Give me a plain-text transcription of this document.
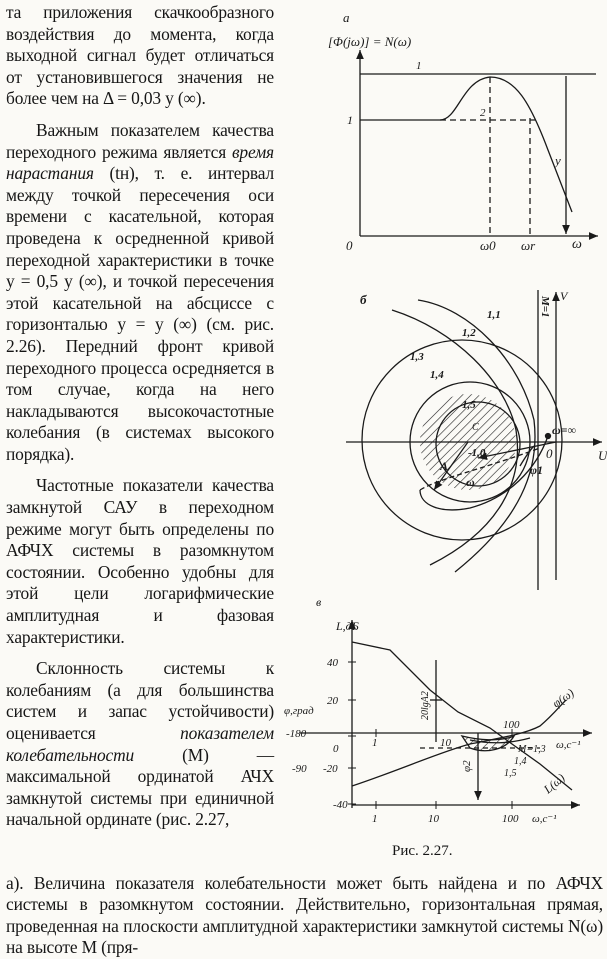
та приложения скачкообразного воздействия до момента, когда выходной сигнал будет отличаться от установившегося значения не более чем на Δ = 0,03 y (∞).

Важным показателем качества переходного режима является время нарастания (tн), т. е. интервал между точкой пересечения оси времени с касательной, которая проведена к осредненной кривой переходной характеристики в точке y = 0,5 y (∞), и точкой пересечения этой касательной на абсциссе с горизонталью y = y (∞) (см. рис. 2.26). Передний фронт кривой переходного процесса осредняется в том случае, когда на него накладываются высокочастотные колебания (в системах высокого порядка).

Частотные показатели качества замкнутой САУ в переходном режиме могут быть определены по АФЧХ системы в разомкнутом состоянии. Особенно удобны для этой цели логарифмические амплитудная и фазовая характеристики.

Склонность системы к колебаниям (а для большинства систем и запас устойчивости) оценивается показателем колебательности (M) — максимальной ординатой АЧХ замкнутой системы при единичной начальной ординате (рис. 2.27,

а
[Φ(jω)] = N(ω)
1
0
1
2
y
ω0 ωr	ω
б	V
U
M=1
1,1
1,2
1,3
1,4
1,5
C
-1,0	0
ω=∞
A
ω
φ1
в
L,дБ
φ,град
40
20
0
-20
-40
-180
-90
1	10	100 ω,c⁻¹
1	10
100
ω,c⁻¹
20lgA2
φ2
φ(ω)
L(ω)
M=1,3
1,4
1,5
Рис. 2.27.

а). Величина показателя колебательности может быть найдена и по АФЧХ системы в разомкнутом состоянии. Действительно, горизонтальная прямая, проведенная на плоскости амплитудной характеристики замкнутой системы N(ω) на высоте M (пря-
